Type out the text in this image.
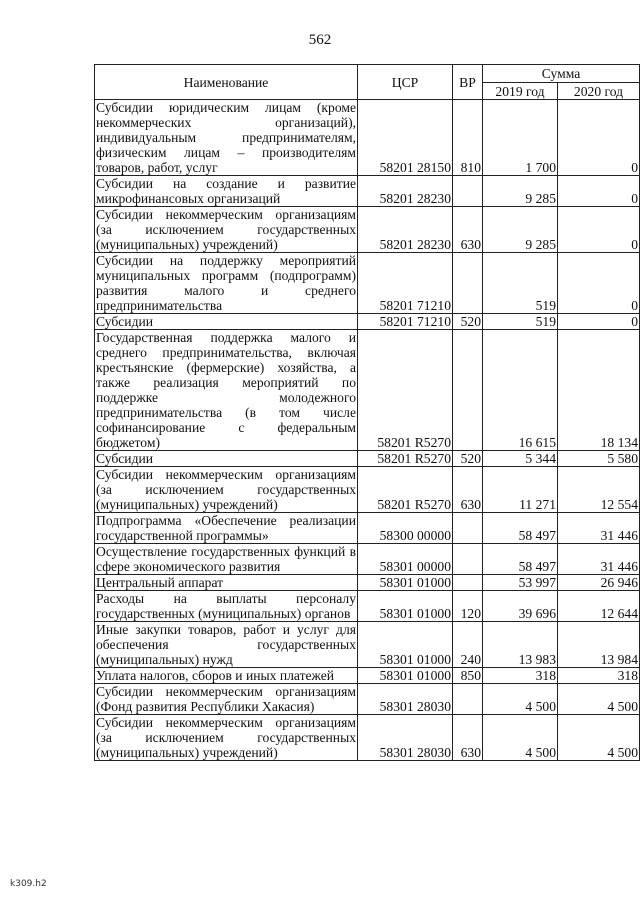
562
Наименование	ЦСР	ВР	Сумма	
			2019 год	2020 год
Субсидии юридическим лицам (кроме некоммерческих организаций), индивидуальным предпринимателям, физическим лицам – производителям товаров, работ, услуг	58201 28150	810	1 700	0
Субсидии на создание и развитие микрофинансовых организаций	58201 28230		9 285	0
Субсидии некоммерческим организациям (за исключением государственных (муниципальных) учреждений)	58201 28230	630	9 285	0
Субсидии на поддержку мероприятий муниципальных программ (подпрограмм) развития малого и среднего предпринимательства	58201 71210		519	0
Субсидии	58201 71210	520	519	0
Государственная поддержка малого и среднего предпринимательства, включая крестьянские (фермерские) хозяйства, а также реализация мероприятий по поддержке молодежного предпринимательства (в том числе софинансирование с федеральным бюджетом)	58201 R5270		16 615	18 134
Субсидии	58201 R5270	520	5 344	5 580
Субсидии некоммерческим организациям (за исключением государственных (муниципальных) учреждений)	58201 R5270	630	11 271	12 554
Подпрограмма «Обеспечение реализации государственной программы»	58300 00000		58 497	31 446
Осуществление государственных функций в сфере экономического развития	58301 00000		58 497	31 446
Центральный аппарат	58301 01000		53 997	26 946
Расходы на выплаты персоналу государственных (муниципальных) органов	58301 01000	120	39 696	12 644
Иные закупки товаров, работ и услуг для обеспечения государственных (муниципальных) нужд	58301 01000	240	13 983	13 984
Уплата налогов, сборов и иных платежей	58301 01000	850	318	318
Субсидии некоммерческим организациям (Фонд развития Республики Хакасия)	58301 28030		4 500	4 500
Субсидии некоммерческим организациям (за исключением государственных (муниципальных) учреждений)	58301 28030	630	4 500	4 500
k309.h2
